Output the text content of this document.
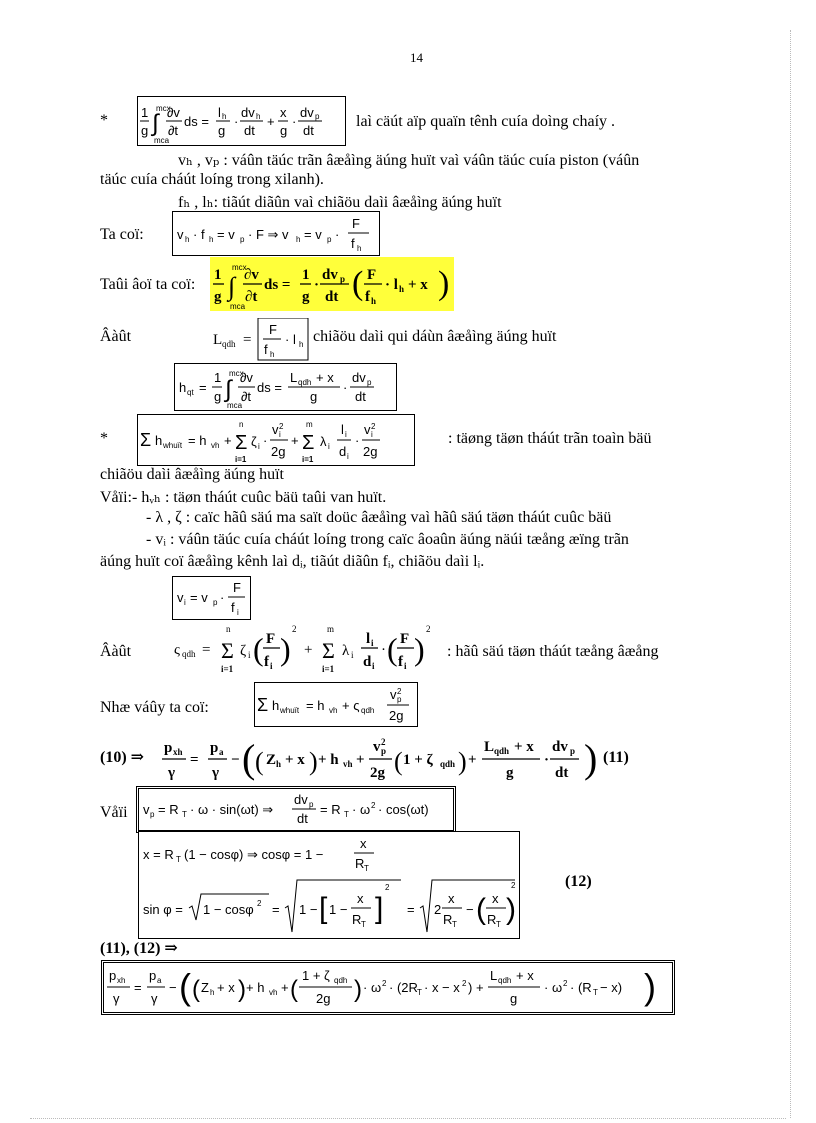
14
*	1
g
mcx
∫
mca
∂v
∂t
ds =
l h
g
·
dv h
dt
+
x
g
·
dv p
dt
laì cäút aïp quaïn tênh cuía doìng chaíy .
vₕ , vₚ : váûn täúc trãn âæåìng äúng huït vaì váûn täúc cuía piston (váûn
täúc cuía cháút loíng trong xilanh).
fₕ , lₕ: tiãút diãûn vaì chiãöu daìi âæåìng äúng huït
Ta coï:	v h · f h = v p · F ⇒ v h = v p ·
F
f h
Taûi âoï ta coï:
1
g
mcx
∫
mca
∂v
∂t
ds =
1
g
·
dv p
dt ( F
f h
· l h + x )
Âàût	L qdh =
F
f h
· l h chiãöu daìi qui dáùn âæåìng äúng huït
h qt =
1
g
mcx
∫
mca
∂v
∂t
ds =
L qdh + x
g
·
dv p
dt
* Σ h whuït = h vh +
n
Σ
i=1
ζ i ·
v 2
i
2g
+
m
Σ
i=1
λ i
l i
d i
·
v 2
i
2g
: täøng täøn tháút trãn toaìn bäü
chiãöu daìi âæåìng äúng huït
Våïi:- hᵥₕ : täøn tháút cuûc bäü taûi van huït.
- λ , ζ : caïc hãû säú ma saït doüc âæåìng vaì hãû säú täøn tháút cuûc bäü
- vᵢ : váûn täúc cuía cháút loíng trong caïc âoaûn äúng näúi tæång æïng trãn
äúng huït coï âæåìng kênh laì dᵢ, tiãút diãûn fᵢ, chiãöu daìi lᵢ.
v i = v p ·
F
f i
Âàût	ς qdh =
n
Σ
i=1
ζ i ( F
f i )
2
+
m
Σ
i=1
λ i
l i
d i
· ( F
f i )
2
: hãû säú täøn tháút tæång âæång
Nhæ váûy ta coï:	Σ h whuït = h vh + ς qdh
v 2
p
2g
(10) ⇒
p xh
γ
=
p a
γ
− ( ( Z h + x ) + h vh +
v 2
p
2g ( 1 + ζ qdh ) +
L qdh + x
g
·
dv p
dt ) (11)
Våïi v p = R T · ω · sin(ωt) ⇒
dv p
dt
= R T · ω 2 · cos(ωt)
x = R T (1 − cosφ) ⇒ cosφ = 1 −
x
R T
sin φ = 1 − cosφ 2 = 1 − [ 1 −
x
R T ]
2
= 2
x
R T
− ( x
R T )
2	(12)
(11), (12) ⇒
p xh
γ
=
p a
γ
− ( ( Z h + x ) + h vh + (
1 + ζ qdh
2g ) · ω 2 · (2R T · x − x 2 ) +
L qdh + x
g
· ω 2 · (R T − x) )
